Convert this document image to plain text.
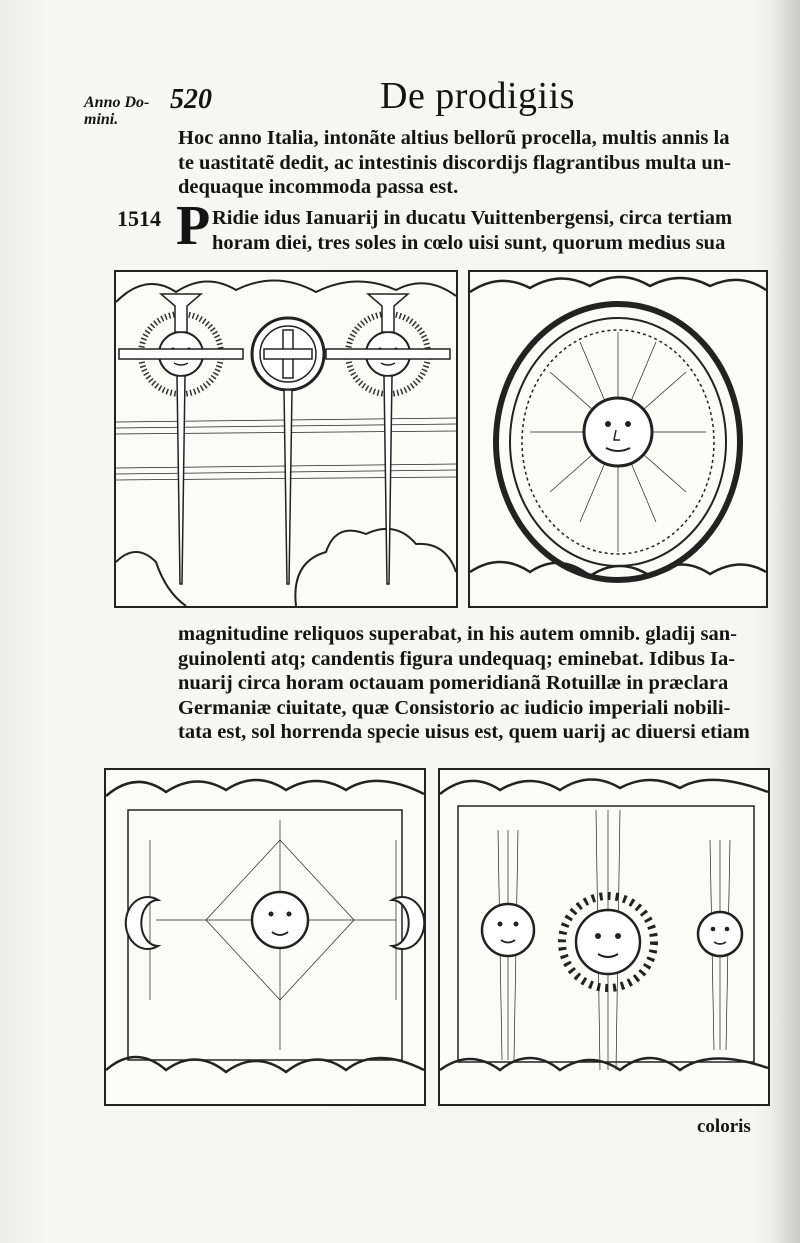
Anno Do-
mini.
520	De prodigiis
Hoc anno Italia, intonãte altius bellorũ procella, multis annis la
te uastitatẽ dedit, ac intestinis discordijs flagrantibus multa un-
dequaque incommoda passa est.
1514 P Ridie idus Ianuarij in ducatu Vuittenbergensi, circa tertiam
horam diei, tres soles in cœlo uisi sunt, quorum medius sua
magnitudine reliquos superabat, in his autem omnib. gladij san-
guinolenti atq; candentis figura undequaq; eminebat. Idibus Ia-
nuarij circa horam octauam pomeridianã Rotuillæ in præclara
Germaniæ ciuitate, quæ Consistorio ac iudicio imperiali nobili-
tata est, sol horrenda specie uisus est, quem uarij ac diuersi etiam
coloris
